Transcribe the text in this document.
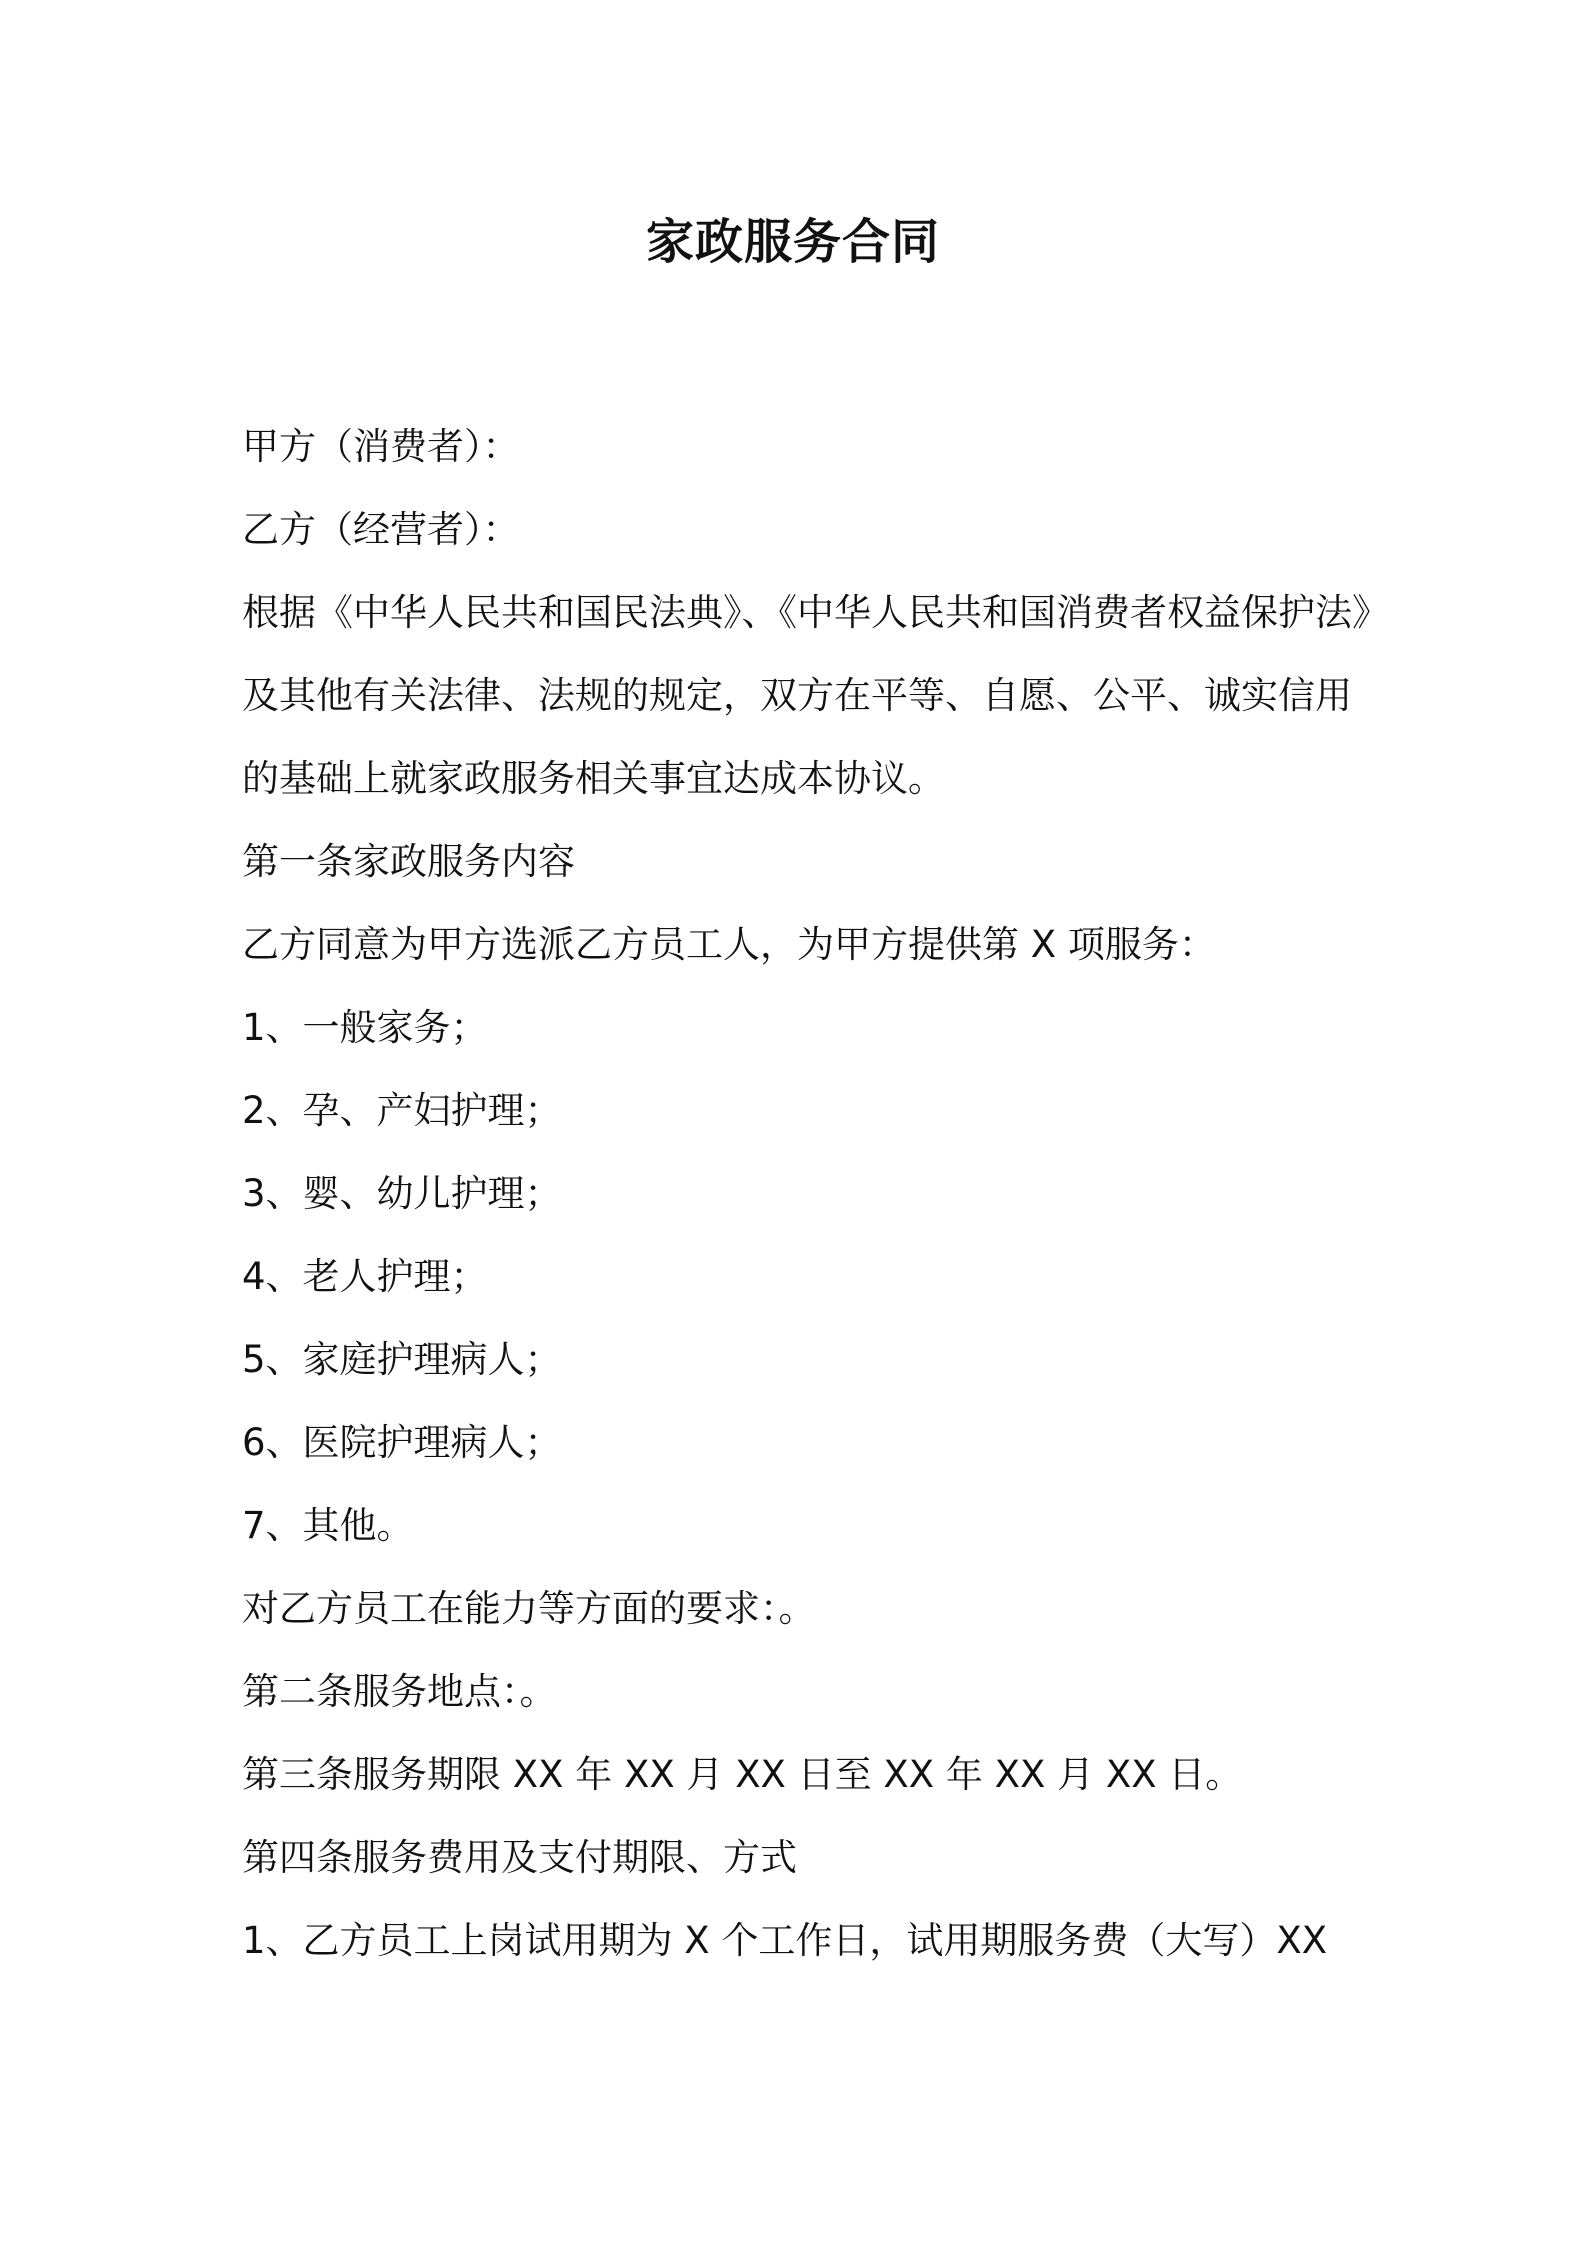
家政服务合同
甲方（消费者）：
乙方（经营者）：
根据《中华人民共和国民法典》、《中华人民共和国消费者权益保护法》
及其他有关法律、法规的规定，双方在平等、自愿、公平、诚实信用
的基础上就家政服务相关事宜达成本协议。
第一条家政服务内容
乙方同意为甲方选派乙方员工人，为甲方提供第 X 项服务：
1、一般家务；
2、孕、产妇护理；
3、婴、幼儿护理；
4、老人护理；
5、家庭护理病人；
6、医院护理病人；
7、其他。
对乙方员工在能力等方面的要求：。
第二条服务地点：。
第三条服务期限 XX 年 XX 月 XX 日至 XX 年 XX 月 XX 日。
第四条服务费用及支付期限、方式
1、乙方员工上岗试用期为 X 个工作日，试用期服务费（大写）XX
